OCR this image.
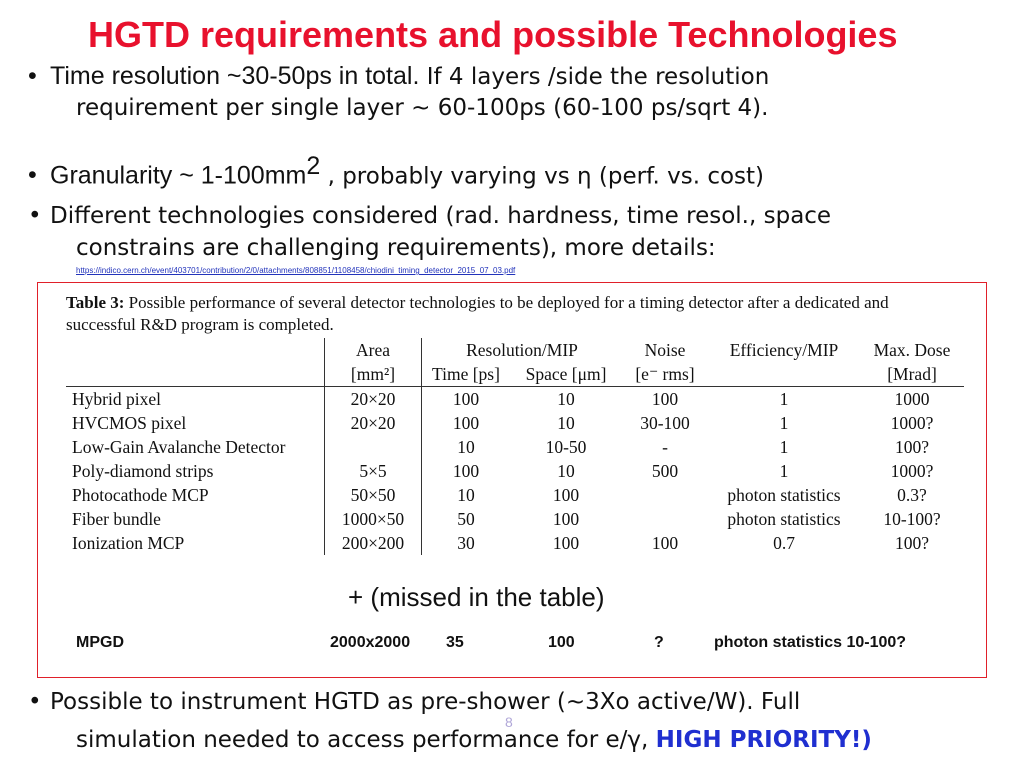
HGTD requirements and possible Technologies
• Time resolution ~30-50ps in total. If 4 layers /side the resolution
requirement per single layer ~ 60-100ps (60-100 ps/sqrt 4).
• Granularity ~ $1-100mm^2$ , probably varying vs η (perf. vs. cost)
• Different technologies considered (rad. hardness, time resol., space
constrains are challenging requirements), more details:
https://indico.cern.ch/event/403701/contribution/2/0/attachments/808851/1108458/chiodini_timing_detector_2015_07_03.pdf
Table 3: Possible performance of several detector technologies to be deployed for a timing detector after a dedicated and successful R&D program is completed.
	Area	Resolution/MIP		Noise	Efficiency/MIP	Max. Dose
	[mm²]	Time [ps]	Space [μm]	[e⁻ rms]		[Mrad]
Hybrid pixel	20×20	100	10	100	1	1000
HVCMOS pixel	20×20	100	10	30-100	1	1000?
Low-Gain Avalanche Detector		10	10-50	-	1	100?
Poly-diamond strips	5×5	100	10	500	1	1000?
Photocathode MCP	50×50	10	100		photon statistics	0.3?
Fiber bundle	1000×50	50	100		photon statistics	10-100?
Ionization MCP	200×200	30	100	100	0.7	100?
+ (missed in the table)
MPGD	2000x2000 35	100	?	photon statistics 10-100?
• Possible to instrument HGTD as pre-shower (~3Xo active/W). Full
simulation needed to access performance for e/γ, HIGH PRIORITY!)
8
